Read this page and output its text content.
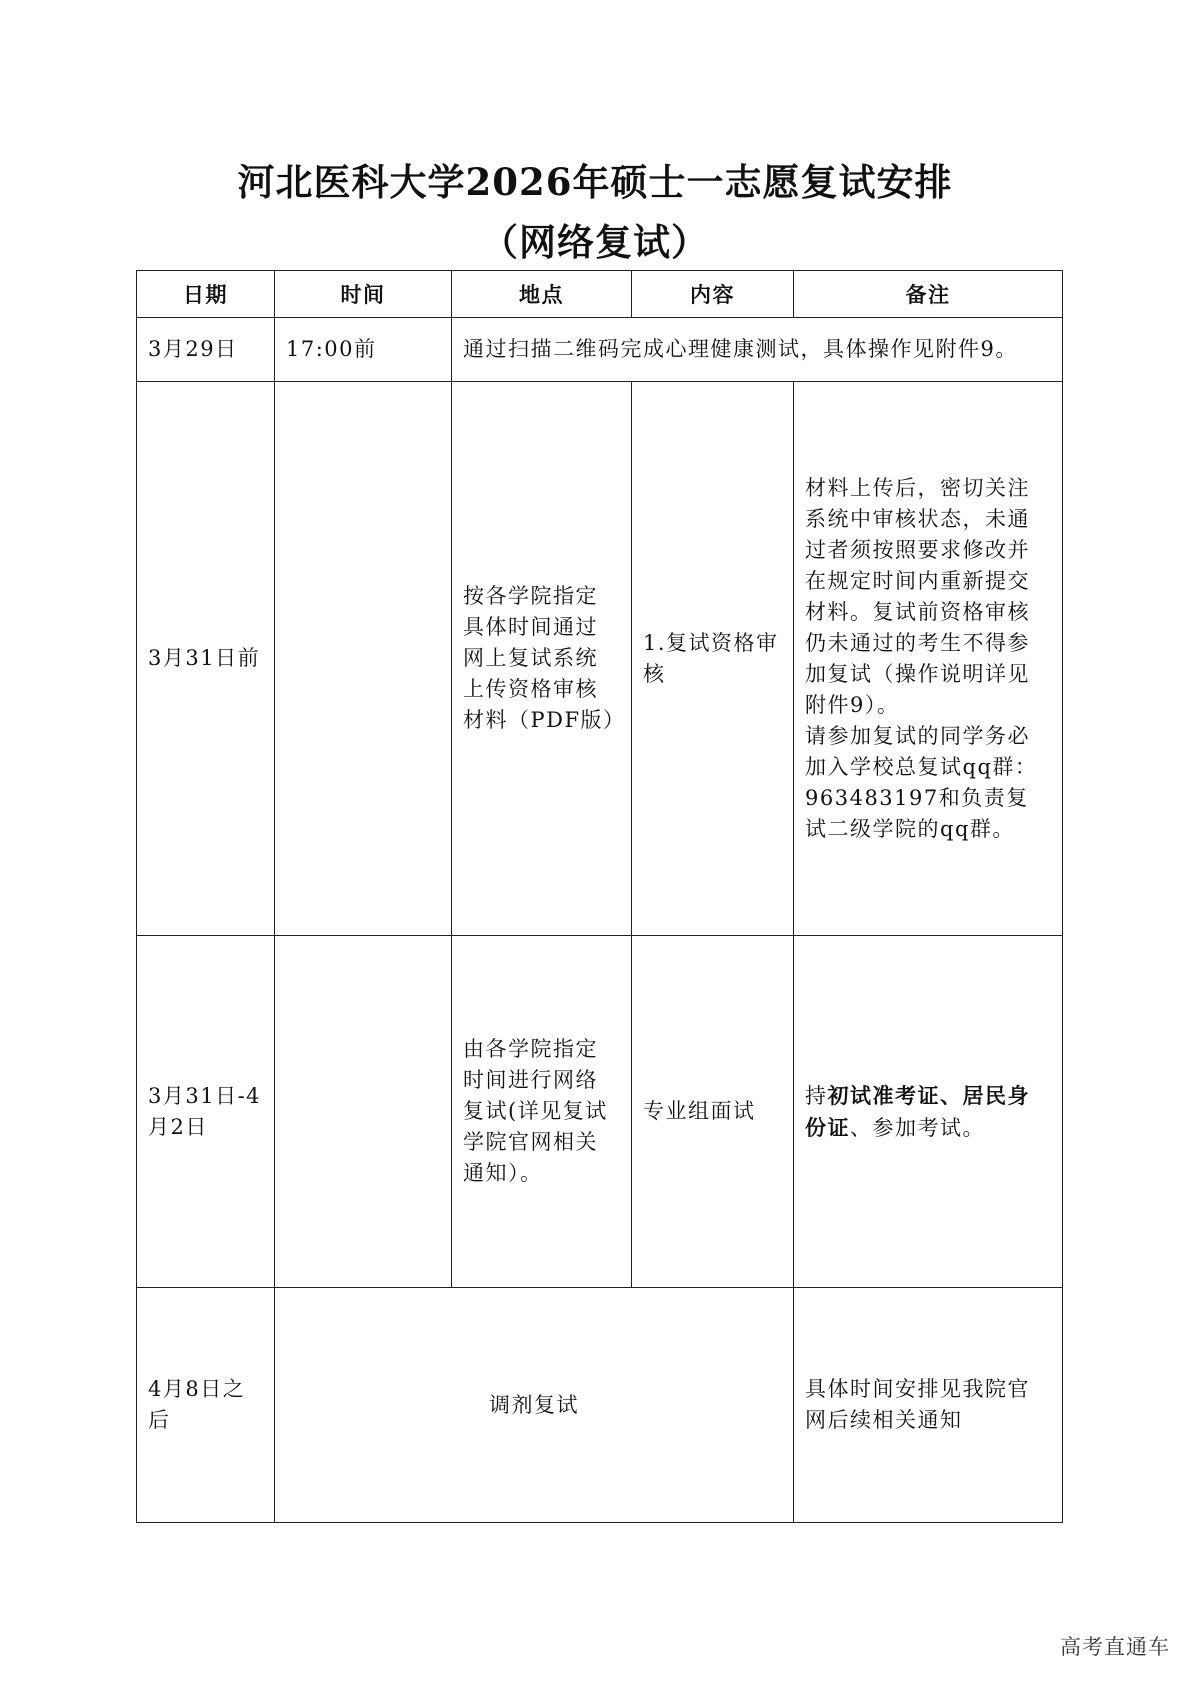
河北医科大学2026年硕士一志愿复试安排
（网络复试）
日期	时间	地点	内容	备注
3月29日	17:00前	通过扫描二维码完成心理健康测试，具体操作见附件9。		
3月31日前		按各学院指定具体时间通过网上复试系统上传资格审核材料（PDF版）	1.复试资格审核	材料上传后，密切关注系统中审核状态，未通过者须按照要求修改并在规定时间内重新提交材料。复试前资格审核仍未通过的考生不得参加复试（操作说明详见附件9）。
请参加复试的同学务必加入学校总复试qq群：963483197和负责复试二级学院的qq群。

3月31日-4月2日		由各学院指定时间进行网络复试(详见复试学院官网相关通知）。	专业组面试	持初试准考证、居民身份证、参加考试。
4月8日之后	调剂复试			具体时间安排见我院官网后续相关通知
高考直通车
